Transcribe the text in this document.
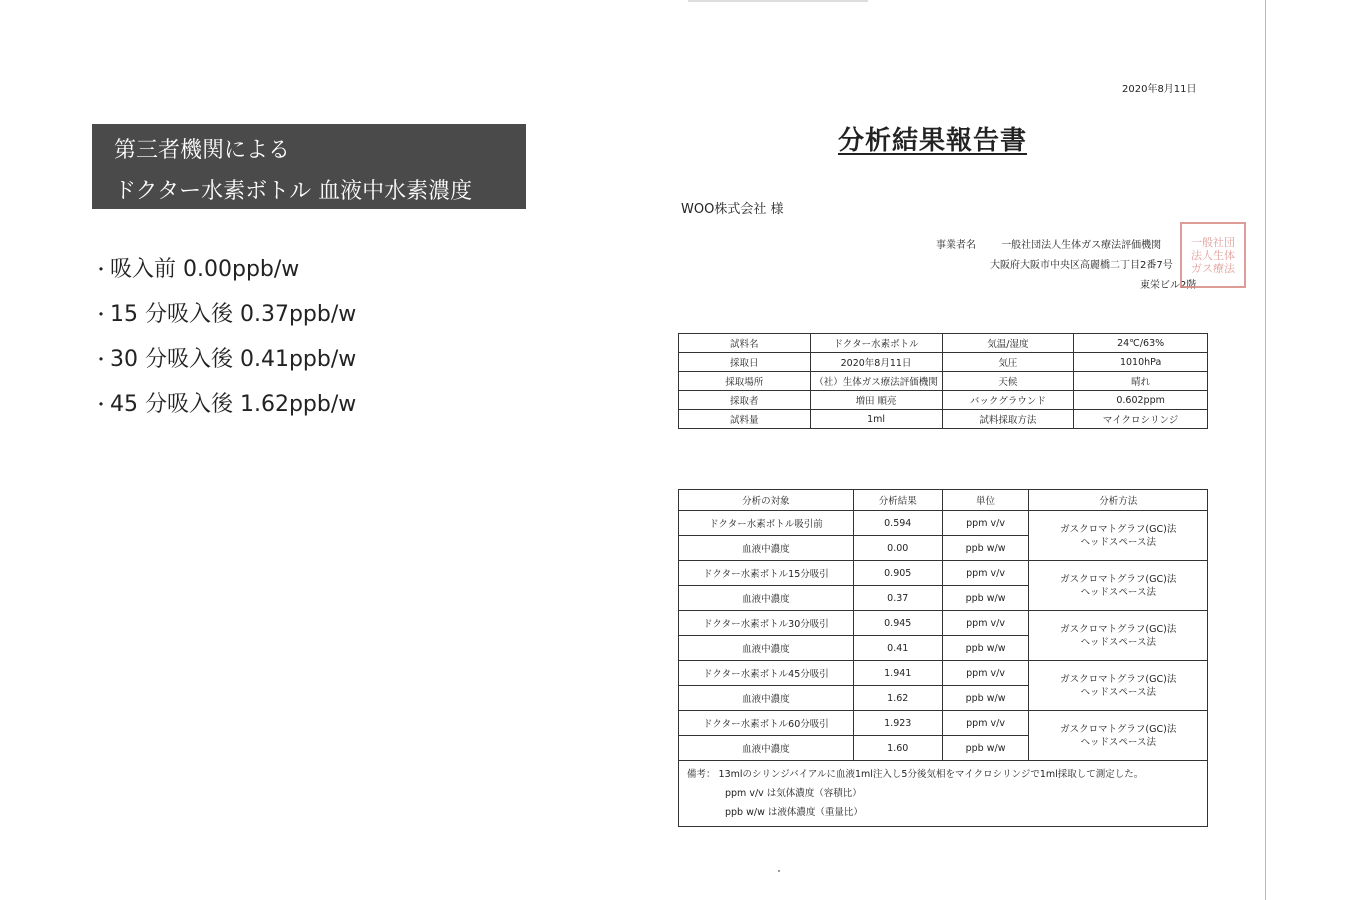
第三者機関による
ドクター水素ボトル 血液中水素濃度
・ 吸入前 0.00ppb/w
・ 15 分吸入後 0.37ppb/w
・ 30 分吸入後 0.41ppb/w
・ 45 分吸入後 1.62ppb/w
2020年8月11日
分析結果報告書
WOO株式会社 様
事業者名	一般社団法人生体ガス療法評価機関
大阪府大阪市中央区高麗橋二丁目2番7号
東栄ビル2階
一般社団
法人生体
ガス療法
試料名	ドクター水素ボトル	気温/湿度	24℃/63%
採取日	2020年8月11日	気圧	1010hPa
採取場所	（社）生体ガス療法評価機関	天候	晴れ
採取者	増田 順亮	バックグラウンド	0.602ppm
試料量	1ml	試料採取方法	マイクロシリンジ
分析の対象	分析結果	単位	分析方法
ドクター水素ボトル吸引前	0.594	ppm v/v	ガスクロマトグラフ(GC)法
ヘッドスペース法

血液中濃度	0.00	ppb w/w	
ドクター水素ボトル15分吸引	0.905	ppm v/v	ガスクロマトグラフ(GC)法
ヘッドスペース法

血液中濃度	0.37	ppb w/w	
ドクター水素ボトル30分吸引	0.945	ppm v/v	ガスクロマトグラフ(GC)法
ヘッドスペース法

血液中濃度	0.41	ppb w/w	
ドクター水素ボトル45分吸引	1.941	ppm v/v	ガスクロマトグラフ(GC)法
ヘッドスペース法

血液中濃度	1.62	ppb w/w	
ドクター水素ボトル60分吸引	1.923	ppm v/v	ガスクロマトグラフ(GC)法
ヘッドスペース法

血液中濃度	1.60	ppb w/w	
備考： 13mlのシリンジバイアルに血液1ml注入し5分後気相をマイクロシリンジで1ml採取して測定した。
ppm v/v は気体濃度（容積比）
ppb w/w は液体濃度（重量比）			
